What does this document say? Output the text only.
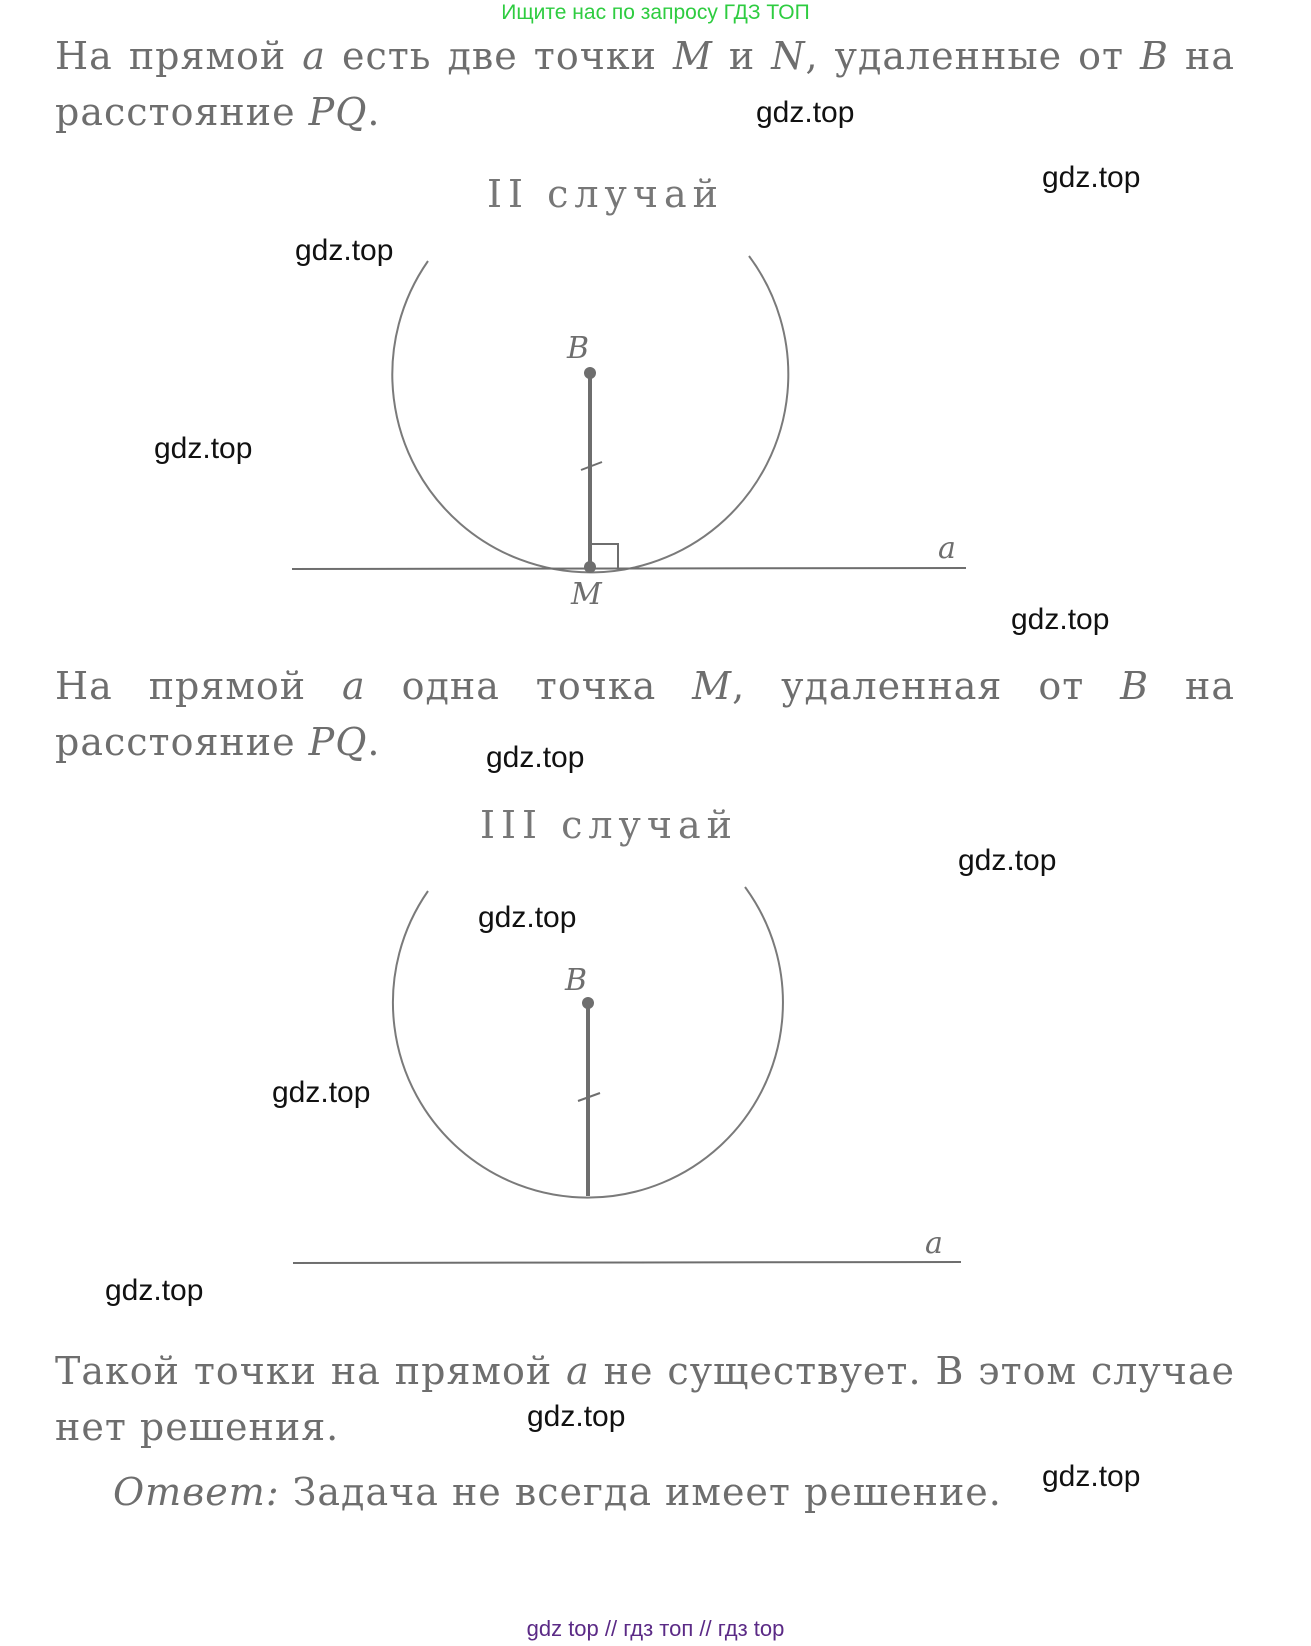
Ищите нас по запросу ГДЗ ТОП
На прямой a есть две точки M и N, удаленные от B на расстояние PQ.
II случай
На прямой a одна точка M, удаленная от B на расстояние PQ.
III случай
Такой точки на прямой a не существует. В этом случае нет решения.
Ответ: Задача не всегда имеет решение.
B
M
a
B
a
gdz.top
gdz.top
gdz.top
gdz.top
gdz.top
gdz.top
gdz.top
gdz.top
gdz.top
gdz.top
gdz.top
gdz.top
gdz top // гдз топ // гдз top
